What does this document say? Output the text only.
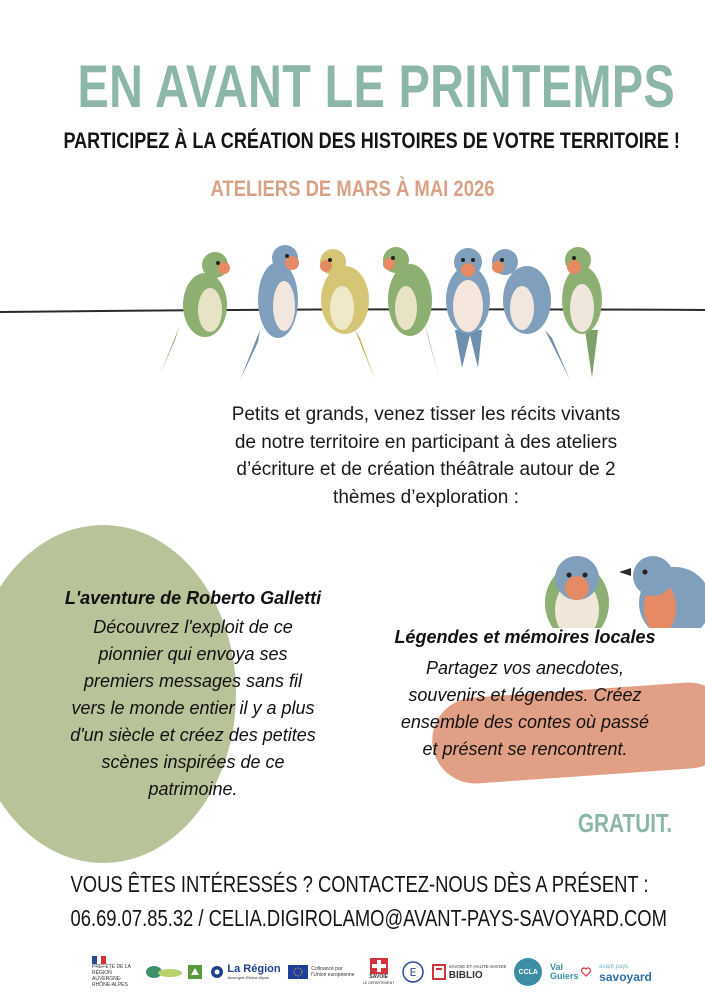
EN AVANT LE PRINTEMPS
PARTICIPEZ À LA CRÉATION DES HISTOIRES DE VOTRE TERRITOIRE !
ATELIERS DE MARS À MAI 2026

Petits et grands, venez tisser les récits vivants

de notre territoire en participant à des ateliers

d’écriture et de création théâtrale autour de 2

thèmes d’exploration :

L'aventure de Roberto Galletti

Découvrez l'exploit de ce

pionnier qui envoya ses

premiers messages sans fil

vers le monde entier il y a plus

d'un siècle et créez des petites

scènes inspirées de ce

patrimoine.

Légendes et mémoires locales

Partagez vos anecdotes,

souvenirs et légendes. Créez

ensemble des contes où passé

et présent se rencontrent.

GRATUIT.
VOUS ÊTES INTÉRESSÉS ? CONTACTEZ-NOUS DÈS A PRÉSENT :
06.69.07.85.32 / CELIA.DIGIROLAMO@AVANT-PAYS-SAVOYARD.COM
PRÉFÈTE DE LA RÉGION AUVERGNE-RHÔNE-ALPES
La Région
Auvergne-Rhône-Alpes
Cofinancé par l'Union européenne	SAVOIE
LE DÉPARTEMENT
E	SAVOIE ET HAUTE-SAVOIE
BIBLIO	CCLA	Val
Guiers
avant pays
savoyard
